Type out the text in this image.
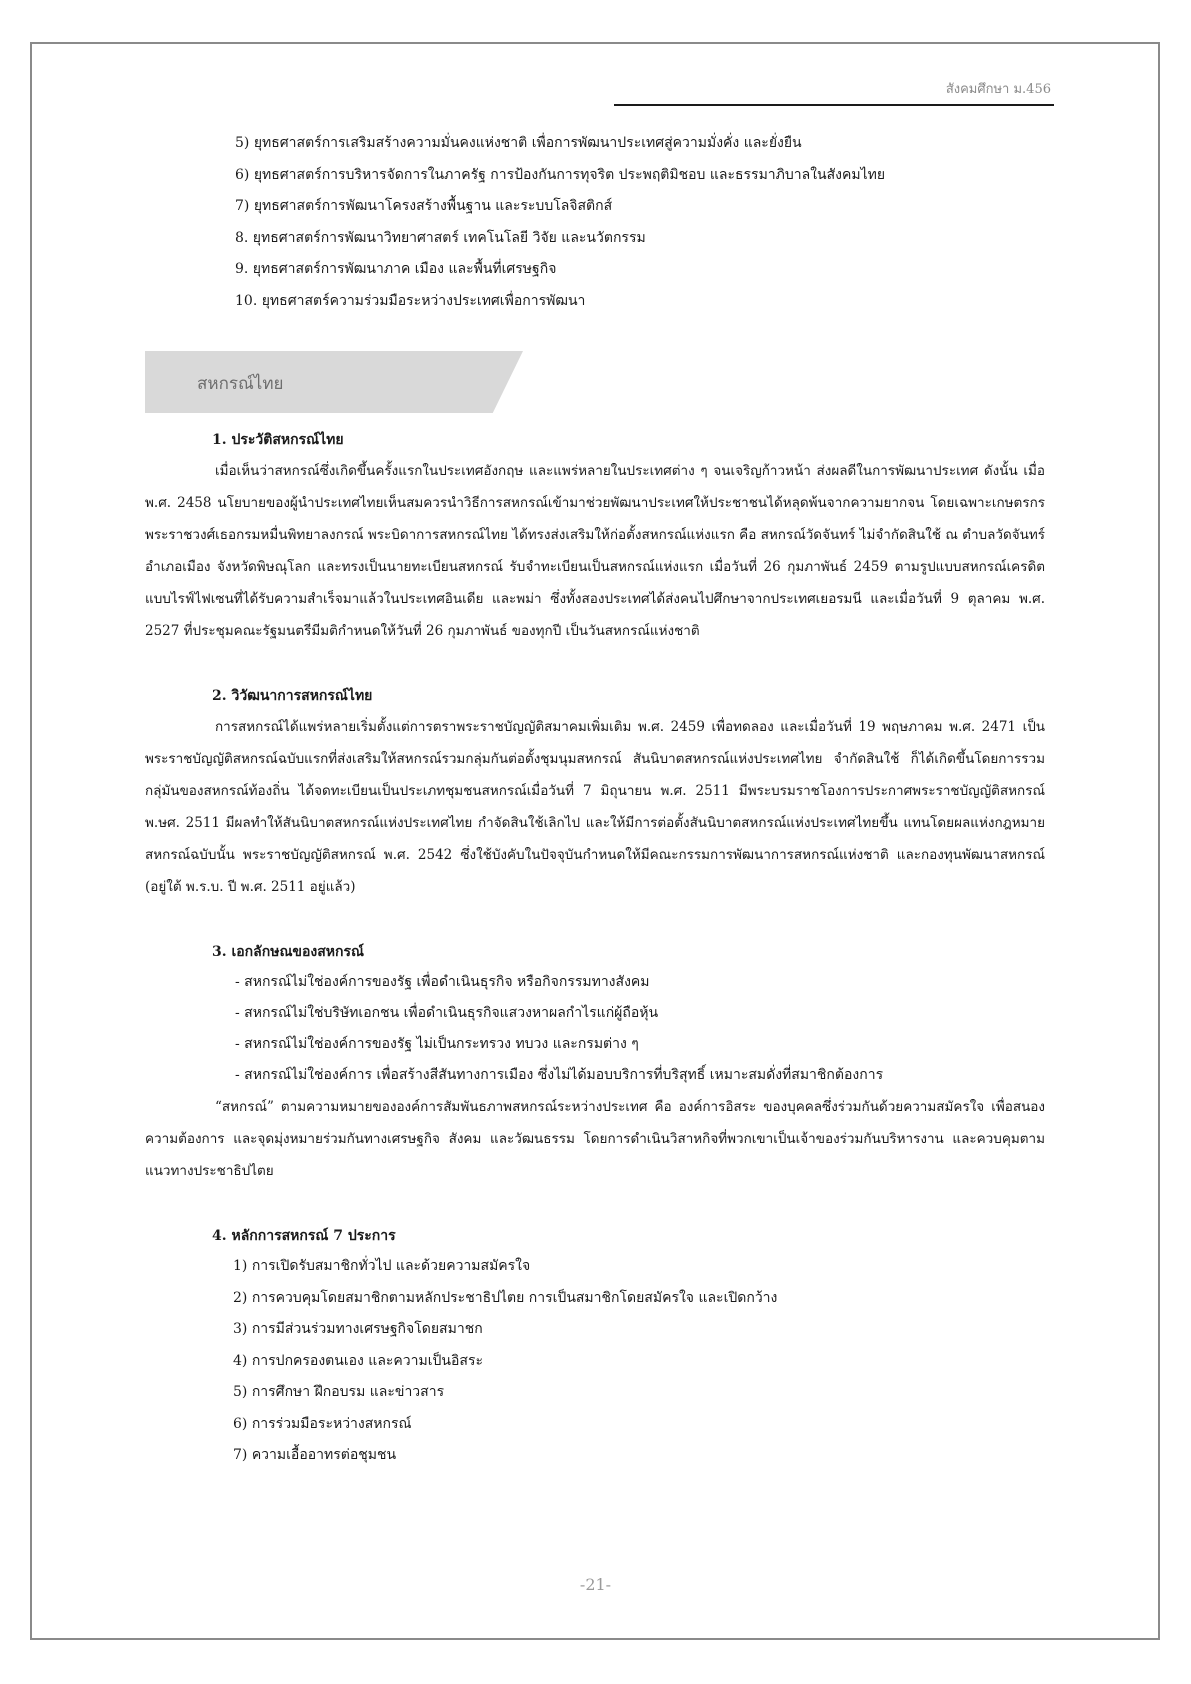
สังคมศึกษา ม.456
5) ยุทธศาสตร์การเสริมสร้างความมั่นคงแห่งชาติ เพื่อการพัฒนาประเทศสู่ความมั่งคั่ง และยั่งยืน
6) ยุทธศาสตร์การบริหารจัดการในภาครัฐ การป้องกันการทุจริต ประพฤติมิชอบ และธรรมาภิบาลในสังคมไทย
7) ยุทธศาสตร์การพัฒนาโครงสร้างพื้นฐาน และระบบโลจิสติกส์
8. ยุทธศาสตร์การพัฒนาวิทยาศาสตร์ เทคโนโลยี วิจัย และนวัตกรรม
9. ยุทธศาสตร์การพัฒนาภาค เมือง และพื้นที่เศรษฐกิจ
10. ยุทธศาสตร์ความร่วมมือระหว่างประเทศเพื่อการพัฒนา
สหกรณ์ไทย
1. ประวัติสหกรณ์ไทย
เมื่อเห็นว่าสหกรณ์ซึ่งเกิดขึ้นครั้งแรกในประเทศอังกฤษ และแพร่หลายในประเทศต่าง ๆ จนเจริญก้าวหน้า ส่งผลดีในการพัฒนาประเทศ ดังนั้น เมื่อ พ.ศ. 2458 นโยบายของผู้นำประเทศไทยเห็นสมควรนำวิธีการสหกรณ์เข้ามาช่วยพัฒนาประเทศให้ประชาชนได้หลุดพ้นจากความยากจน โดยเฉพาะเกษตรกร พระราชวงศ์เธอกรมหมื่นพิทยาลงกรณ์ พระบิดาการสหกรณ์ไทย ได้ทรงส่งเสริมให้ก่อตั้งสหกรณ์แห่งแรก คือ สหกรณ์วัดจันทร์ ไม่จำกัดสินใช้ ณ ตำบลวัดจันทร์ อำเภอเมือง จังหวัดพิษณุโลก และทรงเป็นนายทะเบียนสหกรณ์ รับจำทะเบียนเป็นสหกรณ์แห่งแรก เมื่อวันที่ 26 กุมภาพันธ์ 2459 ตามรูปแบบสหกรณ์เครดิตแบบไรฟ์ไฟเซนที่ได้รับความสำเร็จมาแล้วในประเทศอินเดีย และพม่า ซึ่งทั้งสองประเทศได้ส่งคนไปศึกษาจากประเทศเยอรมนี และเมื่อวันที่ 9 ตุลาคม พ.ศ. 2527 ที่ประชุมคณะรัฐมนตรีมีมติกำหนดให้วันที่ 26 กุมภาพันธ์ ของทุกปี เป็นวันสหกรณ์แห่งชาติ
2. วิวัฒนาการสหกรณ์ไทย
การสหกรณ์ได้แพร่หลายเริ่มตั้งแต่การตราพระราชบัญญัติสมาคมเพิ่มเติม พ.ศ. 2459 เพื่อทดลอง และเมื่อวันที่ 19 พฤษภาคม พ.ศ. 2471 เป็นพระราชบัญญัติสหกรณ์ฉบับแรกที่ส่งเสริมให้สหกรณ์รวมกลุ่มกันต่อตั้งชุมนุมสหกรณ์ สันนิบาตสหกรณ์แห่งประเทศไทย จำกัดสินใช้ ก็ได้เกิดขึ้นโดยการรวมกลุ่มันของสหกรณ์ท้องถิ่น ได้จดทะเบียนเป็นประเภทชุมชนสหกรณ์เมื่อวันที่ 7 มิถุนายน พ.ศ. 2511 มีพระบรมราชโองการประกาศพระราชบัญญัติสหกรณ์ พ.ษศ. 2511 มีผลทำให้สันนิบาตสหกรณ์แห่งประเทศไทย กำจัดสินใช้เลิกไป และให้มีการต่อตั้งสันนิบาตสหกรณ์แห่งประเทศไทยขึ้น แทนโดยผลแห่งกฎหมายสหกรณ์ฉบับนั้น พระราชบัญญัติสหกรณ์ พ.ศ. 2542 ซึ่งใช้บังคับในปัจจุบันกำหนดให้มีคณะกรรมการพัฒนาการสหกรณ์แห่งชาติ และกองทุนพัฒนาสหกรณ์ (อยู่ใต้ พ.ร.บ. ปี พ.ศ. 2511 อยู่แล้ว)
3. เอกลักษณของสหกรณ์
- สหกรณ์ไม่ใช่องค์การของรัฐ เพื่อดำเนินธุรกิจ หรือกิจกรรมทางสังคม
- สหกรณ์ไม่ใช่บริษัทเอกชน เพื่อดำเนินธุรกิจแสวงหาผลกำไรแก่ผู้ถือหุ้น
- สหกรณ์ไม่ใช่องค์การของรัฐ ไม่เป็นกระทรวง ทบวง และกรมต่าง ๆ
- สหกรณ์ไม่ใช่องค์การ เพื่อสร้างสีสันทางการเมือง ซึ่งไม่ได้มอบบริการที่บริสุทธิ์ เหมาะสมดั่งที่สมาชิกต้องการ
“สหกรณ์” ตามความหมายขององค์การสัมพันธภาพสหกรณ์ระหว่างประเทศ คือ องค์การอิสระ ของบุคคลซึ่งร่วมกันด้วยความสมัครใจ เพื่อสนองความต้องการ และจุดมุ่งหมายร่วมกันทางเศรษฐกิจ สังคม และวัฒนธรรม โดยการดำเนินวิสาหกิจที่พวกเขาเป็นเจ้าของร่วมกันบริหารงาน และควบคุมตามแนวทางประชาธิปไตย
4. หลักการสหกรณ์ 7 ประการ
1) การเปิดรับสมาชิกทั่วไป และด้วยความสมัครใจ
2) การควบคุมโดยสมาชิกตามหลักประชาธิปไตย การเป็นสมาชิกโดยสมัครใจ และเปิดกว้าง
3) การมีส่วนร่วมทางเศรษฐกิจโดยสมาชก
4) การปกครองตนเอง และความเป็นอิสระ
5) การศึกษา ฝึกอบรม และข่าวสาร
6) การร่วมมือระหว่างสหกรณ์
7) ความเอื้ออาทรต่อชุมชน
-21-
